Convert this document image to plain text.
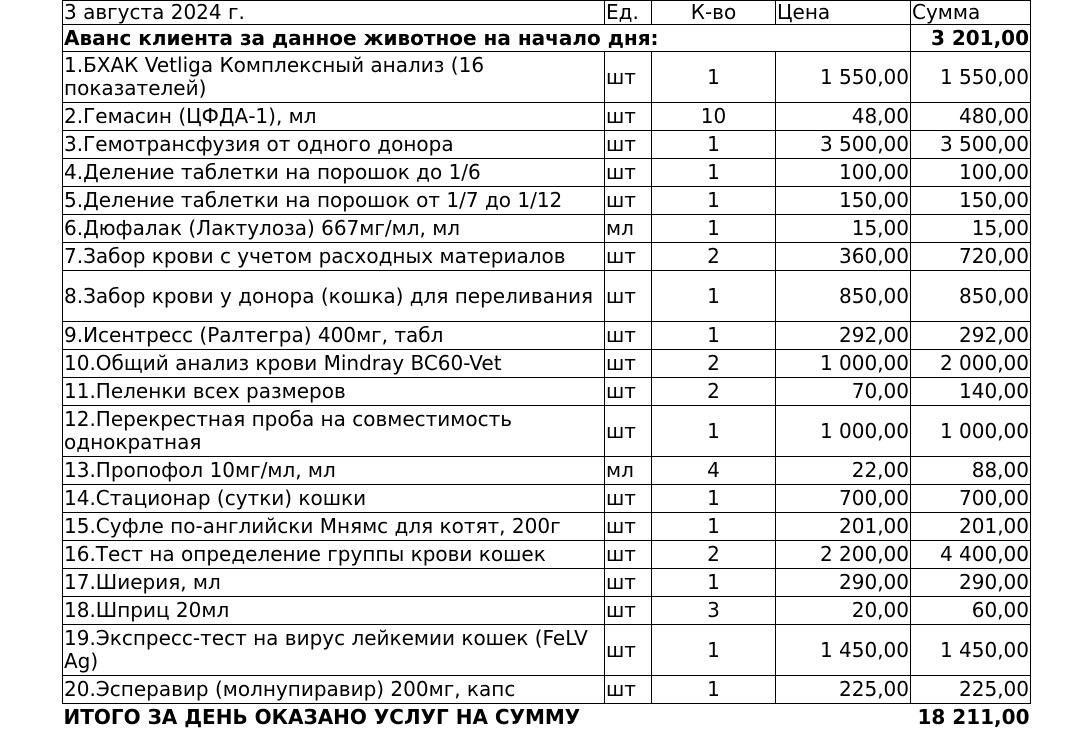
3 августа 2024 г.	Ед.	К-во	Цена	Сумма
Аванс клиента за данное животное на начало дня:				3 201,00
1.БХАК Vetliga Комплексный анализ (16 показателей)	шт	1	1 550,00	1 550,00
2.Гемасин (ЦФДА-1), мл	шт	10	48,00	480,00
3.Гемотрансфузия от одного донора	шт	1	3 500,00	3 500,00
4.Деление таблетки на порошок до 1/6	шт	1	100,00	100,00
5.Деление таблетки на порошок от 1/7 до 1/12	шт	1	150,00	150,00
6.Дюфалак (Лактулоза) 667мг/мл, мл	мл	1	15,00	15,00
7.Забор крови с учетом расходных материалов	шт	2	360,00	720,00
8.Забор крови у донора (кошка) для переливания	шт	1	850,00	850,00
9.Исентресс (Ралтегра) 400мг, табл	шт	1	292,00	292,00
10.Общий анализ крови Mindray BC60-Vet	шт	2	1 000,00	2 000,00
11.Пеленки всех размеров	шт	2	70,00	140,00
12.Перекрестная проба на совместимость однократная	шт	1	1 000,00	1 000,00
13.Пропофол 10мг/мл, мл	мл	4	22,00	88,00
14.Стационар (сутки) кошки	шт	1	700,00	700,00
15.Суфле по-английски Мнямс для котят, 200г	шт	1	201,00	201,00
16.Тест на определение группы крови кошек	шт	2	2 200,00	4 400,00
17.Шиерия, мл	шт	1	290,00	290,00
18.Шприц 20мл	шт	3	20,00	60,00
19.Экспресс-тест на вирус лейкемии кошек (FeLV Ag)	шт	1	1 450,00	1 450,00
20.Эсперавир (молнупиравир) 200мг, капс	шт	1	225,00	225,00
ИТОГО ЗА ДЕНЬ ОКАЗАНО УСЛУГ НА СУММУ				18 211,00
